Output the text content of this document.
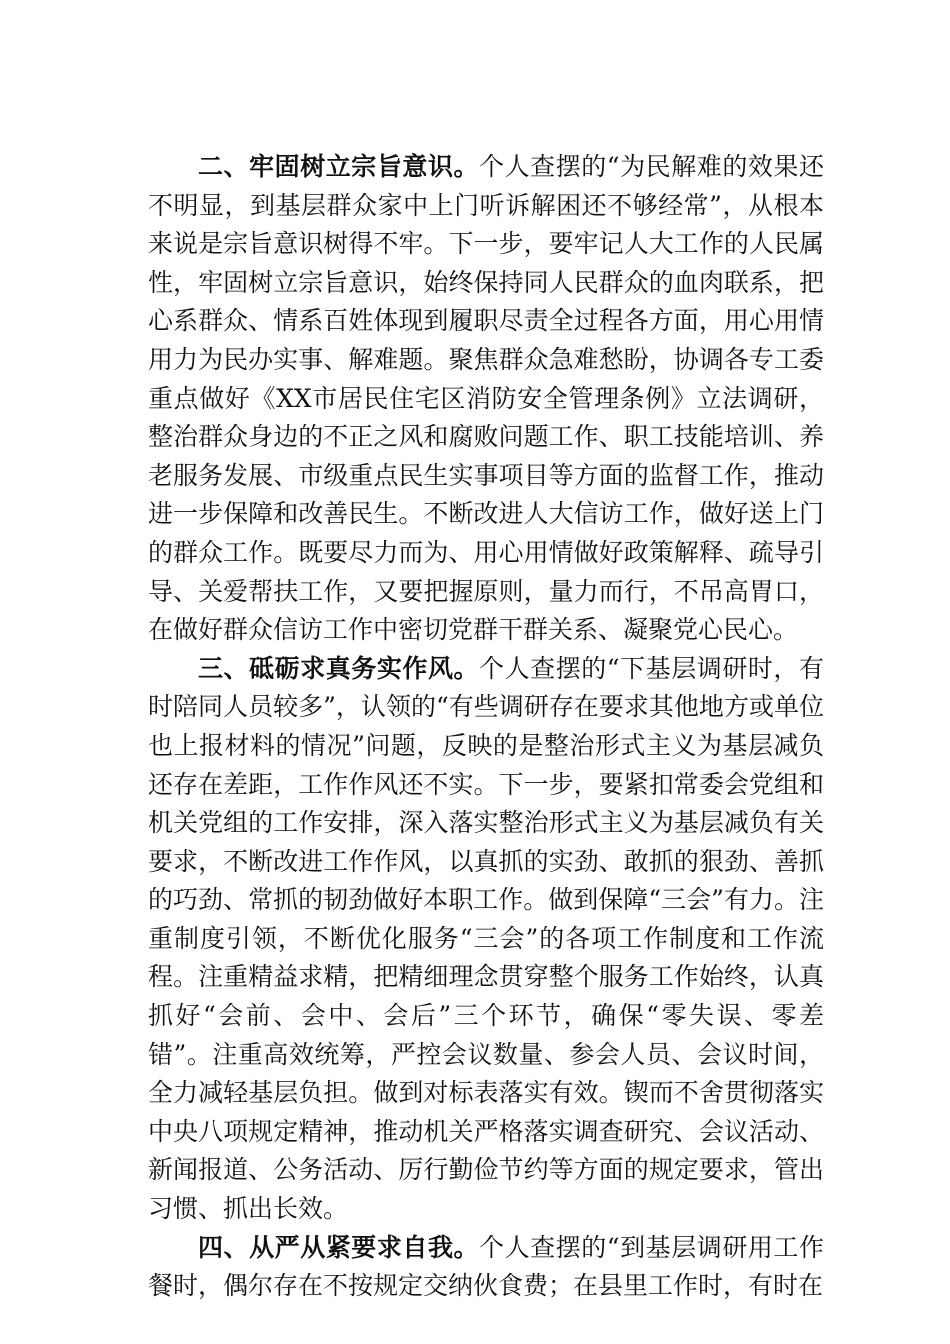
二、牢固树立宗旨意识。个人查摆的“为民解难的效果还不明显，到基层群众家中上门听诉解困还不够经常”，从根本来说是宗旨意识树得不牢。下一步，要牢记人大工作的人民属性，牢固树立宗旨意识，始终保持同人民群众的血肉联系，把心系群众、情系百姓体现到履职尽责全过程各方面，用心用情用力为民办实事、解难题。聚焦群众急难愁盼，协调各专工委重点做好《XX市居民住宅区消防安全管理条例》立法调研，整治群众身边的不正之风和腐败问题工作、职工技能培训、养老服务发展、市级重点民生实事项目等方面的监督工作，推动进一步保障和改善民生。不断改进人大信访工作，做好送上门的群众工作。既要尽力而为、用心用情做好政策解释、疏导引导、关爱帮扶工作，又要把握原则，量力而行，不吊高胃口，在做好群众信访工作中密切党群干群关系、凝聚党心民心。

三、砥砺求真务实作风。个人查摆的“下基层调研时，有时陪同人员较多”，认领的“有些调研存在要求其他地方或单位也上报材料的情况”问题，反映的是整治形式主义为基层减负还存在差距，工作作风还不实。下一步，要紧扣常委会党组和机关党组的工作安排，深入落实整治形式主义为基层减负有关要求，不断改进工作作风，以真抓的实劲、敢抓的狠劲、善抓的巧劲、常抓的韧劲做好本职工作。做到保障“三会”有力。注重制度引领，不断优化服务“三会”的各项工作制度和工作流程。注重精益求精，把精细理念贯穿整个服务工作始终，认真抓好“会前、会中、会后”三个环节，确保“零失误、零差错”。注重高效统筹，严控会议数量、参会人员、会议时间，全力减轻基层负担。做到对标表落实有效。锲而不舍贯彻落实中央八项规定精神，推动机关严格落实调查研究、会议活动、新闻报道、公务活动、厉行勤俭节约等方面的规定要求，管出习惯、抓出长效。

四、从严从紧要求自我。个人查摆的“到基层调研用工作餐时，偶尔存在不按规定交纳伙食费；在县里工作时，有时在
